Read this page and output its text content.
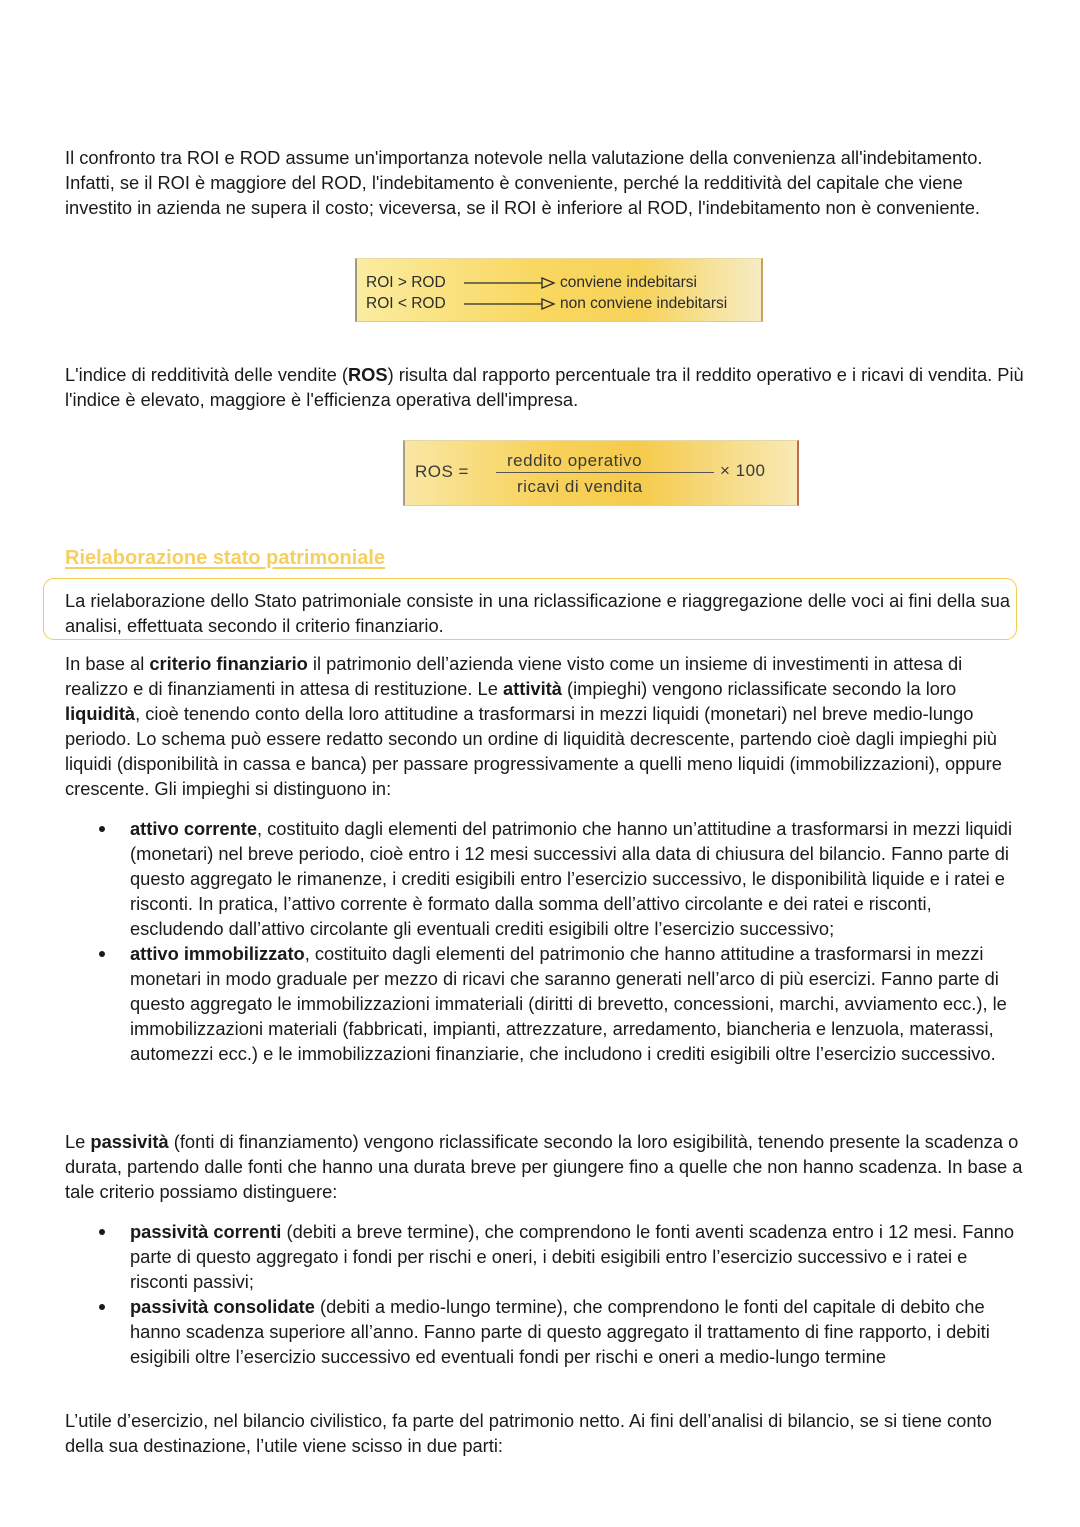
Il confronto tra ROI e ROD assume un'importanza notevole nella valutazione della convenienza all'indebitamento. Infatti, se il ROI è maggiore del ROD, l'indebitamento è conveniente, perché la redditività del capitale che viene investito in azienda ne supera il costo; viceversa, se il ROI è inferiore al ROD, l'indebitamento non è conveniente.

ROI > ROD	conviene indebitarsi
ROI < ROD	non conviene indebitarsi

L'indice di redditività delle vendite (ROS) risulta dal rapporto percentuale tra il reddito operativo e i ricavi di vendita. Più l'indice è elevato, maggiore è l'efficienza operativa dell'impresa.

ROS =
reddito operativo
ricavi di vendita
× 100
Rielaborazione stato patrimoniale

La rielaborazione dello Stato patrimoniale consiste in una riclassificazione e riaggregazione delle voci ai fini della sua analisi, effettuata secondo il criterio finanziario.

In base al criterio finanziario il patrimonio dell’azienda viene visto come un insieme di investimenti in attesa di realizzo e di finanziamenti in attesa di restituzione. Le attività (impieghi) vengono riclassificate secondo la loro liquidità, cioè tenendo conto della loro attitudine a trasformarsi in mezzi liquidi (monetari) nel breve medio-lungo periodo. Lo schema può essere redatto secondo un ordine di liquidità decrescente, partendo cioè dagli impieghi più liquidi (disponibilità in cassa e banca) per passare progressivamente a quelli meno liquidi (immobilizzazioni), oppure crescente. Gli impieghi si distinguono in:

attivo corrente, costituito dagli elementi del patrimonio che hanno un’attitudine a trasformarsi in mezzi liquidi (monetari) nel breve periodo, cioè entro i 12 mesi successivi alla data di chiusura del bilancio. Fanno parte di questo aggregato le rimanenze, i crediti esigibili entro l’esercizio successivo, le disponibilità liquide e i ratei e risconti. In pratica, l’attivo corrente è formato dalla somma dell’attivo circolante e dei ratei e risconti, escludendo dall’attivo circolante gli eventuali crediti esigibili oltre l’esercizio successivo;
attivo immobilizzato, costituito dagli elementi del patrimonio che hanno attitudine a trasformarsi in mezzi monetari in modo graduale per mezzo di ricavi che saranno generati nell’arco di più esercizi. Fanno parte di questo aggregato le immobilizzazioni immateriali (diritti di brevetto, concessioni, marchi, avviamento ecc.), le immobilizzazioni materiali (fabbricati, impianti, attrezzature, arredamento, biancheria e lenzuola, materassi, automezzi ecc.) e le immobilizzazioni finanziarie, che includono i crediti esigibili oltre l’esercizio successivo.

Le passività (fonti di finanziamento) vengono riclassificate secondo la loro esigibilità, tenendo presente la scadenza o durata, partendo dalle fonti che hanno una durata breve per giungere fino a quelle che non hanno scadenza. In base a tale criterio possiamo distinguere:

passività correnti (debiti a breve termine), che comprendono le fonti aventi scadenza entro i 12 mesi. Fanno parte di questo aggregato i fondi per rischi e oneri, i debiti esigibili entro l’esercizio successivo e i ratei e risconti passivi;
passività consolidate (debiti a medio-lungo termine), che comprendono le fonti del capitale di debito che hanno scadenza superiore all’anno. Fanno parte di questo aggregato il trattamento di fine rapporto, i debiti esigibili oltre l’esercizio successivo ed eventuali fondi per rischi e oneri a medio-lungo termine

L’utile d’esercizio, nel bilancio civilistico, fa parte del patrimonio netto. Ai fini dell’analisi di bilancio, se si tiene conto della sua destinazione, l’utile viene scisso in due parti:
